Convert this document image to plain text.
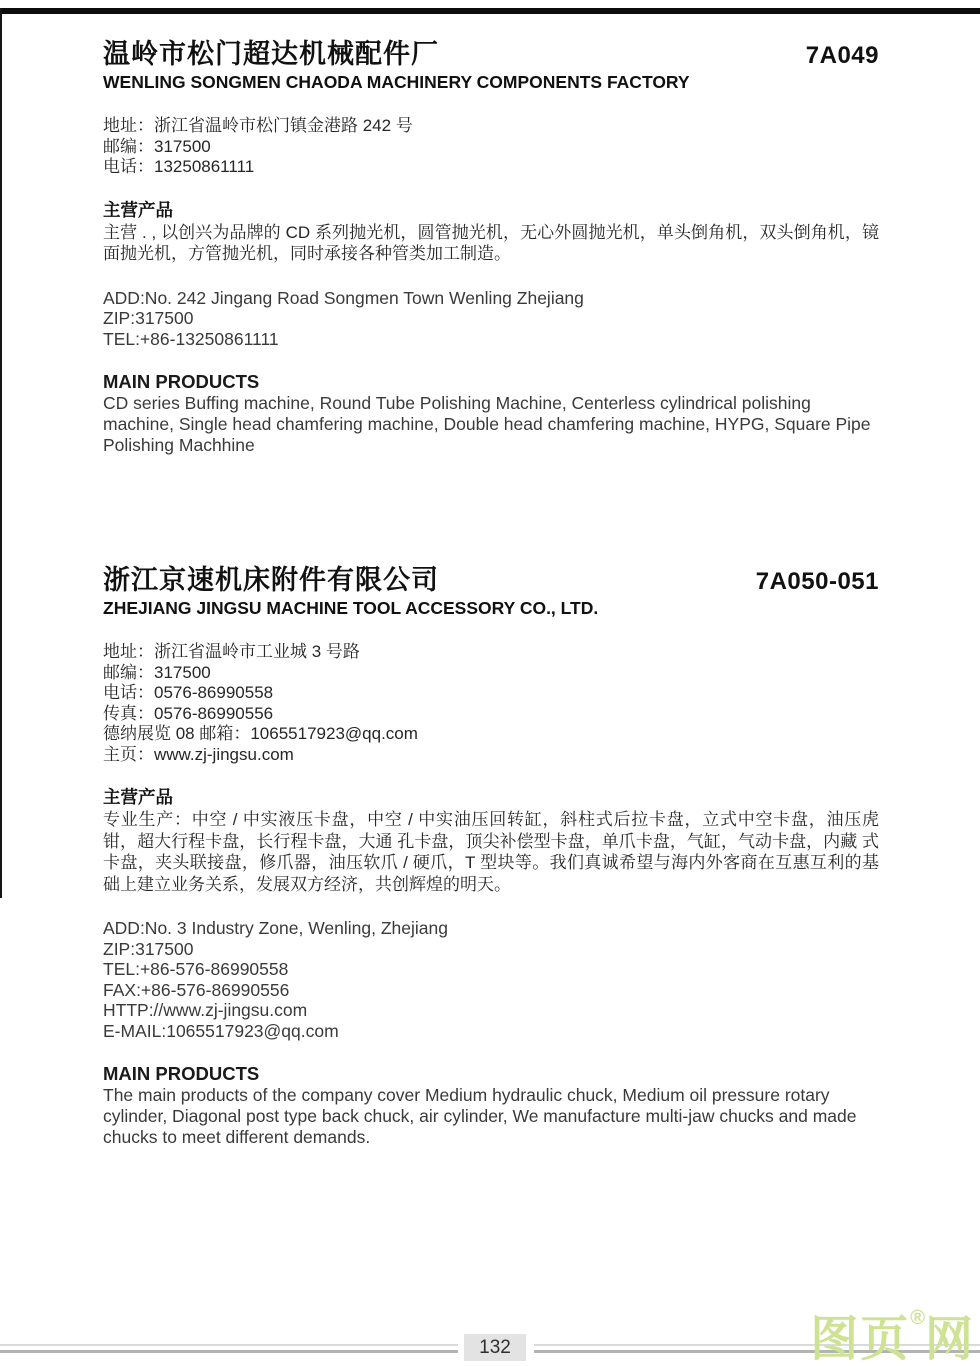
温岭市松门超达机械配件厂	7A049
WENLING SONGMEN CHAODA MACHINERY COMPONENTS FACTORY
地址：浙江省温岭市松门镇金港路 242 号
邮编：317500
电话：13250861111
主营产品

主营 . , 以创兴为品牌的 CD 系列抛光机，圆管抛光机，无心外圆抛光机，单头倒角机，双头倒角机，镜面抛光机，方管抛光机，同时承接各种管类加工制造。

ADD:No. 242 Jingang Road Songmen Town Wenling Zhejiang
ZIP:317500
TEL:+86-13250861111
MAIN PRODUCTS

CD series Buffing machine, Round Tube Polishing Machine, Centerless cylindrical polishing machine, Single head chamfering machine, Double head chamfering machine, HYPG, Square Pipe Polishing Machhine

浙江京速机床附件有限公司	7A050-051
ZHEJIANG JINGSU MACHINE TOOL ACCESSORY CO., LTD.
地址：浙江省温岭市工业城 3 号路
邮编：317500
电话：0576-86990558
传真：0576-86990556
德纳展览 08 邮箱：1065517923@qq.com
主页：www.zj-jingsu.com
主营产品

专业生产：中空 / 中实液压卡盘，中空 / 中实油压回转缸，斜柱式后拉卡盘，立式中空卡盘，油压虎钳，超大行程卡盘，长行程卡盘，大通 孔卡盘，顶尖补偿型卡盘，单爪卡盘，气缸，气动卡盘，内藏 式卡盘，夹头联接盘，修爪器，油压软爪 / 硬爪，T 型块等。我们真诚希望与海内外客商在互惠互利的基础上建立业务关系，发展双方经济，共创辉煌的明天。

ADD:No. 3 Industry Zone, Wenling, Zhejiang
ZIP:317500
TEL:+86-576-86990558
FAX:+86-576-86990556
HTTP://www.zj-jingsu.com
E-MAIL:1065517923@qq.com
MAIN PRODUCTS

The main products of the company cover Medium hydraulic chuck, Medium oil pressure rotary cylinder, Diagonal post type back chuck, air cylinder, We manufacture multi-jaw chucks and made chucks to meet different demands.

132	图页®网
